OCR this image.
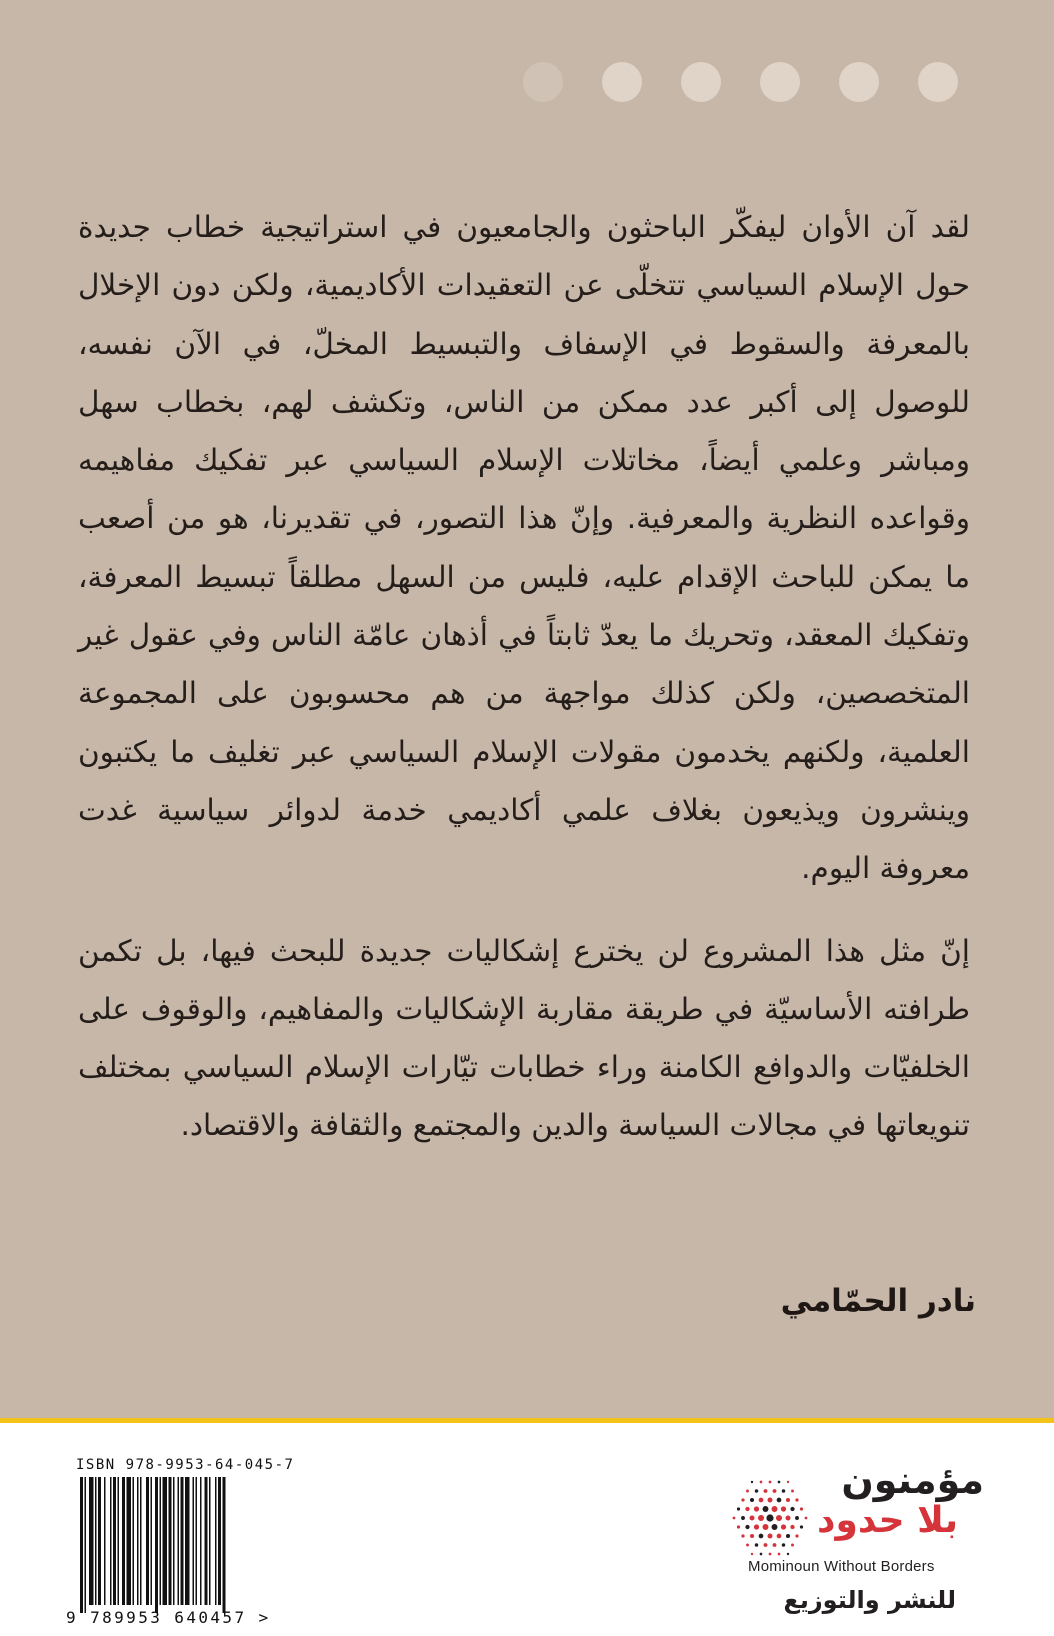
لقد آن الأوان ليفكّر الباحثون والجامعيون في استراتيجية خطاب جديدة حول الإسلام السياسي تتخلّى عن التعقيدات الأكاديمية، ولكن دون الإخلال بالمعرفة والسقوط في الإسفاف والتبسيط المخلّ، في الآن نفسه، للوصول إلى أكبر عدد ممكن من الناس، وتكشف لهم، بخطاب سهل ومباشر وعلمي أيضاً، مخاتلات الإسلام السياسي عبر تفكيك مفاهيمه وقواعده النظرية والمعرفية. وإنّ هذا التصور، في تقديرنا، هو من أصعب ما يمكن للباحث الإقدام عليه، فليس من السهل مطلقاً تبسيط المعرفة، وتفكيك المعقد، وتحريك ما يعدّ ثابتاً في أذهان عامّة الناس وفي عقول غير المتخصصين، ولكن كذلك مواجهة من هم محسوبون على المجموعة العلمية، ولكنهم يخدمون مقولات الإسلام السياسي عبر تغليف ما يكتبون وينشرون ويذيعون بغلاف علمي أكاديمي خدمة لدوائر سياسية غدت معروفة اليوم.

إنّ مثل هذا المشروع لن يخترع إشكاليات جديدة للبحث فيها، بل تكمن طرافته الأساسيّة في طريقة مقاربة الإشكاليات والمفاهيم، والوقوف على الخلفيّات والدوافع الكامنة وراء خطابات تيّارات الإسلام السياسي بمختلف تنويعاتها في مجالات السياسة والدين والمجتمع والثقافة والاقتصاد.

نادر الحمّامي
ISBN 978-9953-64-045-7
9 789953 640457 >
مؤمنون
بلا حدود
Mominoun Without Borders
للنشر والتوزيع
